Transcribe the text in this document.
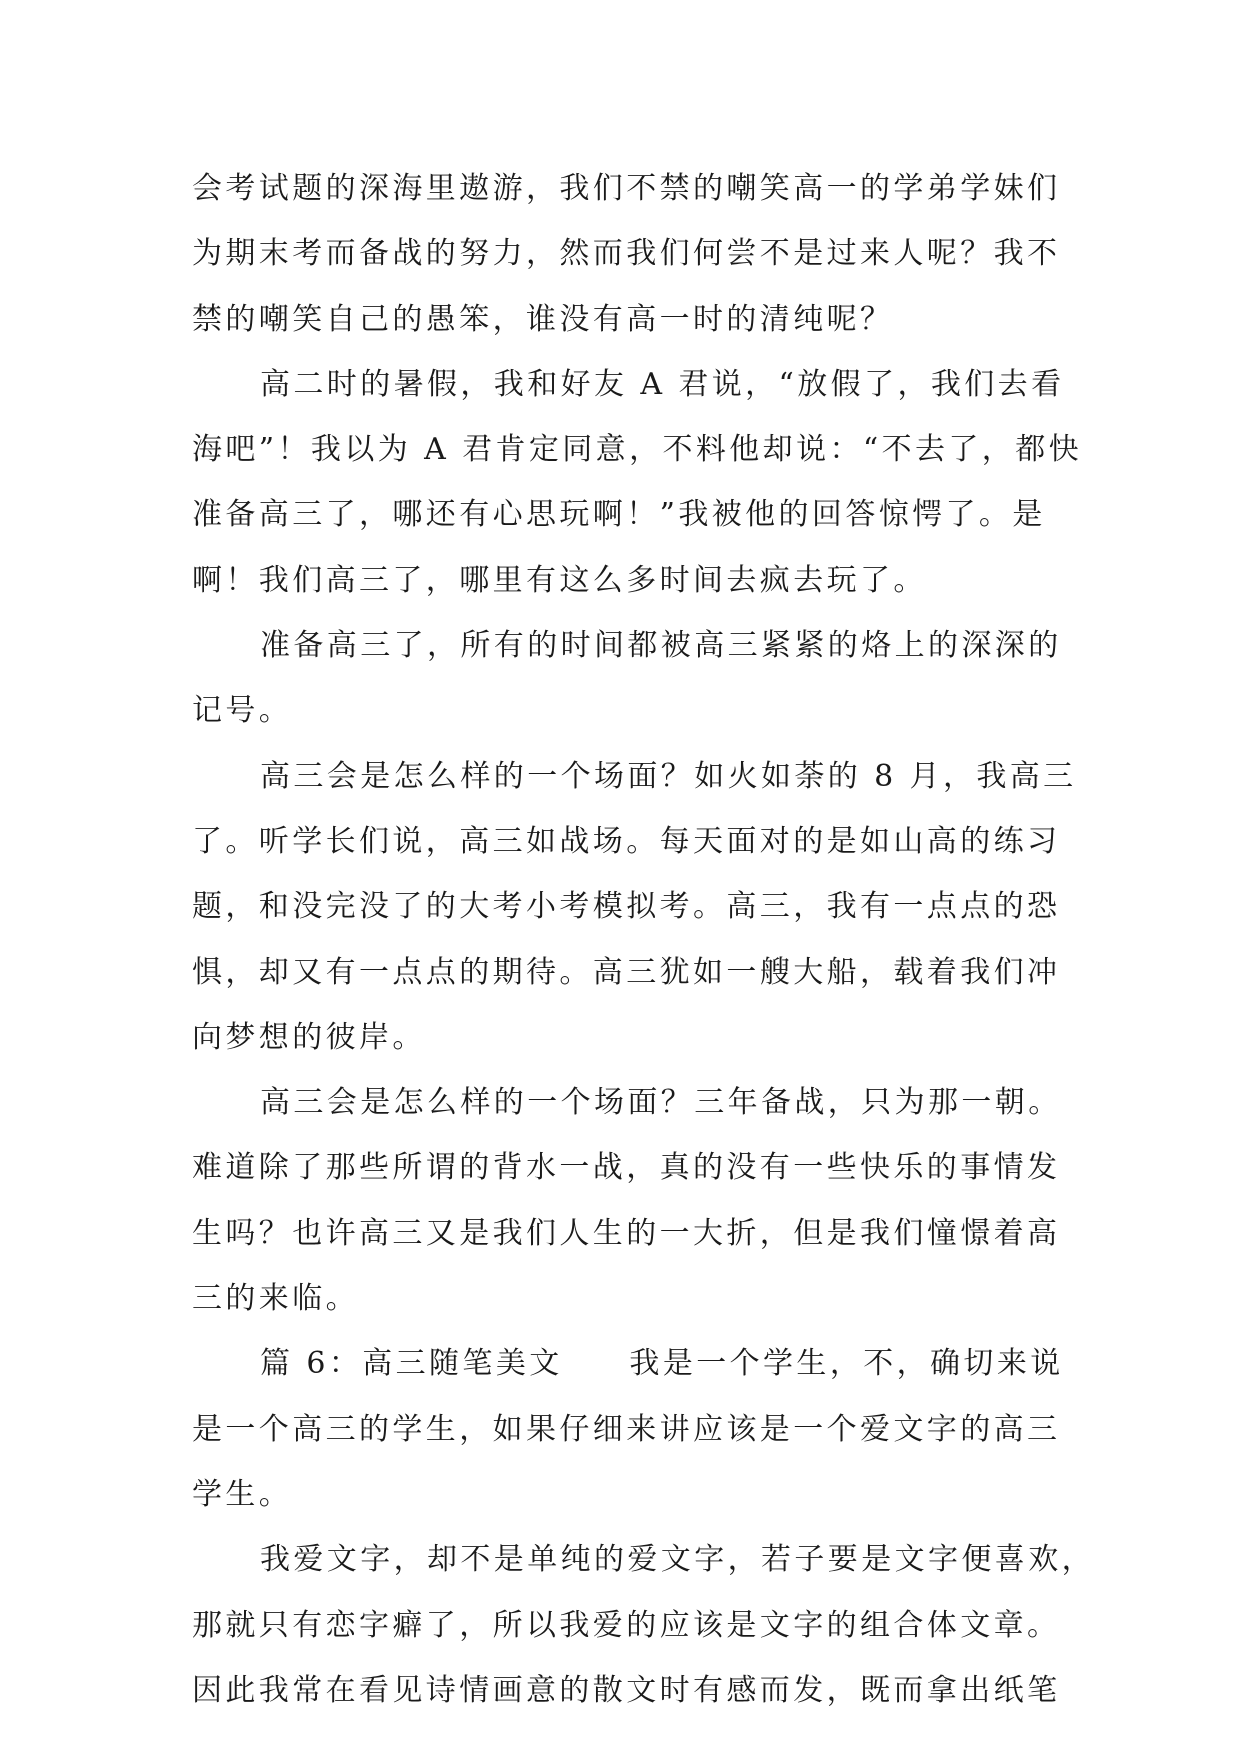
会考试题的深海里遨游，我们不禁的嘲笑高一的学弟学妹们
为期末考而备战的努力，然而我们何尝不是过来人呢？我不
禁的嘲笑自己的愚笨，谁没有高一时的清纯呢？
高二时的暑假，我和好友 A 君说，“放假了，我们去看
海吧”！我以为 A 君肯定同意，不料他却说：“不去了，都快
准备高三了，哪还有心思玩啊！”我被他的回答惊愕了。是
啊！我们高三了，哪里有这么多时间去疯去玩了。
准备高三了，所有的时间都被高三紧紧的烙上的深深的
记号。
高三会是怎么样的一个场面？如火如荼的 8 月，我高三
了。听学长们说，高三如战场。每天面对的是如山高的练习
题，和没完没了的大考小考模拟考。高三，我有一点点的恐
惧，却又有一点点的期待。高三犹如一艘大船，载着我们冲
向梦想的彼岸。
高三会是怎么样的一个场面？三年备战，只为那一朝。
难道除了那些所谓的背水一战，真的没有一些快乐的事情发
生吗？也许高三又是我们人生的一大折，但是我们憧憬着高
三的来临。
篇 6：高三随笔美文　　我是一个学生，不，确切来说
是一个高三的学生，如果仔细来讲应该是一个爱文字的高三
学生。
我爱文字，却不是单纯的爱文字，若子要是文字便喜欢，
那就只有恋字癖了，所以我爱的应该是文字的组合体文章。
因此我常在看见诗情画意的散文时有感而发，既而拿出纸笔
